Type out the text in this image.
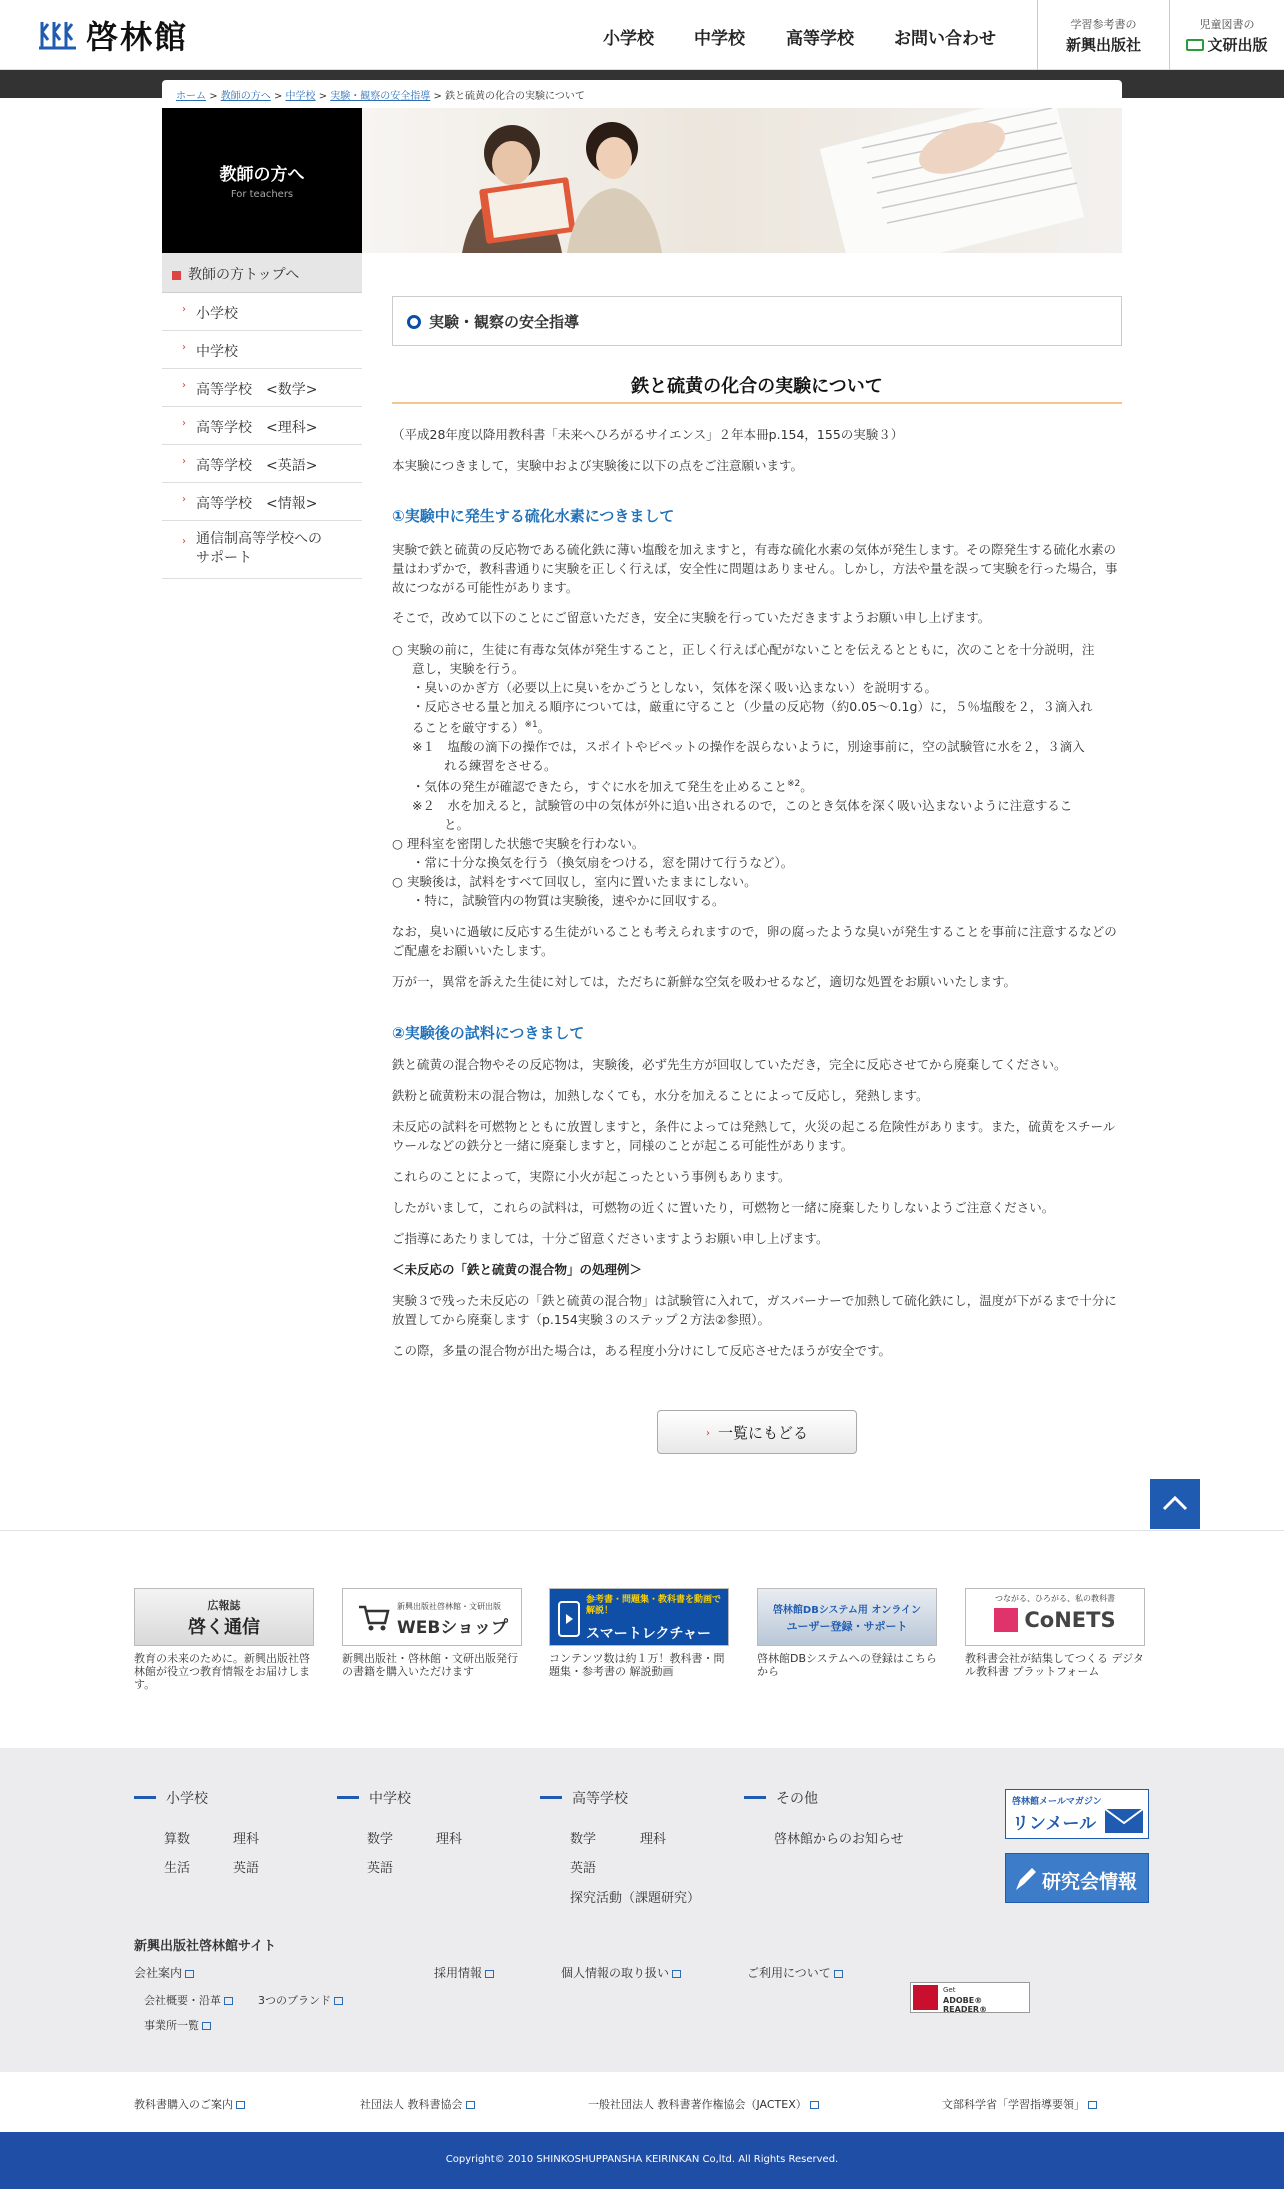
啓林館	小学校 中学校 高等学校 お問い合わせ
学習参考書の
新興出版社
児童図書の
文研出版
ホーム > 教師の方へ > 中学校 > 実験・観察の安全指導 > 鉄と硫黄の化合の実験について
教師の方へ
For teachers
教師の方トップへ
› 小学校
› 中学校
› 高等学校　<数学>
› 高等学校　<理科>
› 高等学校　<英語>
› 高等学校　<情報>
› 通信制高等学校への
サポート
実験・観察の安全指導
鉄と硫黄の化合の実験について
（平成28年度以降用教科書「未来へひろがるサイエンス」２年本冊p.154，155の実験３）
本実験につきまして，実験中および実験後に以下の点をご注意願います。
①実験中に発生する硫化水素につきまして
実験で鉄と硫黄の反応物である硫化鉄に薄い塩酸を加えますと，有毒な硫化水素の気体が発生します。その際発生する硫化水素の量はわずかで，教科書通りに実験を正しく行えば，安全性に問題はありません。しかし，方法や量を誤って実験を行った場合，事故につながる可能性があります。
そこで，改めて以下のことにご留意いただき，安全に実験を行っていただきますようお願い申し上げます。
○ 実験の前に，生徒に有毒な気体が発生すること，正しく行えば心配がないことを伝えるとともに，次のことを十分説明，注
意し，実験を行う。
・臭いのかぎ方（必要以上に臭いをかごうとしない，気体を深く吸い込まない）を説明する。
・反応させる量と加える順序については，厳重に守ること（少量の反応物（約0.05～0.1g）に，５％塩酸を２，３滴入れ
ることを厳守する）$^{※1}$。
※１　塩酸の滴下の操作では，スポイトやピペットの操作を誤らないように，別途事前に，空の試験管に水を２，３滴入
れる練習をさせる。
・気体の発生が確認できたら，すぐに水を加えて発生を止めること$^{※2}$。
※２　水を加えると，試験管の中の気体が外に追い出されるので，このとき気体を深く吸い込まないように注意するこ
と。
○ 理科室を密閉した状態で実験を行わない。
・常に十分な換気を行う（換気扇をつける，窓を開けて行うなど）。
○ 実験後は，試料をすべて回収し，室内に置いたままにしない。
・特に，試験管内の物質は実験後，速やかに回収する。
なお，臭いに過敏に反応する生徒がいることも考えられますので，卵の腐ったような臭いが発生することを事前に注意するなどのご配慮をお願いいたします。
万が一，異常を訴えた生徒に対しては，ただちに新鮮な空気を吸わせるなど，適切な処置をお願いいたします。
②実験後の試料につきまして
鉄と硫黄の混合物やその反応物は，実験後，必ず先生方が回収していただき，完全に反応させてから廃棄してください。
鉄粉と硫黄粉末の混合物は，加熱しなくても，水分を加えることによって反応し，発熱します。
未反応の試料を可燃物とともに放置しますと，条件によっては発熱して，火災の起こる危険性があります。また，硫黄をスチールウールなどの鉄分と一緒に廃棄しますと，同様のことが起こる可能性があります。
これらのことによって，実際に小火が起こったという事例もあります。
したがいまして，これらの試料は，可燃物の近くに置いたり，可燃物と一緒に廃棄したりしないようご注意ください。
ご指導にあたりましては，十分ご留意くださいますようお願い申し上げます。
＜未反応の「鉄と硫黄の混合物」の処理例＞
実験３で残った未反応の「鉄と硫黄の混合物」は試験管に入れて，ガスバーナーで加熱して硫化鉄にし，温度が下がるまで十分に放置してから廃棄します（p.154実験３のステップ２方法②参照）。
この際，多量の混合物が出た場合は，ある程度小分けにして反応させたほうが安全です。
› 一覧にもどる
広報誌
啓く通信
教育の未来のために。新興出版社啓林館が役立つ教育情報をお届けします。
新興出版社啓林館・文研出版
WEBショップ
新興出版社・啓林館・文研出版発行の書籍を購入いただけます
参考書・問題集・教科書を動画で解説！
スマートレクチャー
コンテンツ数は約１万！教科書・問題集・参考書の 解説動画
啓林館DBシステム用 オンライン
ユーザー登録・サポート
啓林館DBシステムへの登録はこちらから
つながる、ひろがる、私の教科書
CoNETS
教科書会社が結集してつくる デジタル教科書 プラットフォーム
小学校
算数	理科
生活	英語
中学校
数学	理科
英語
高等学校
数学	理科
英語
探究活動（課題研究）
その他
啓林館からのお知らせ
啓林館メールマガジン
リンメール
研究会情報
新興出版社啓林館サイト
会社案内	採用情報	個人情報の取り扱い	ご利用について
会社概要・沿革	3つのブランド
事業所一覧
Get
ADOBE® READER®
教科書購入のご案内	社団法人 教科書協会	一般社団法人 教科書著作権協会（JACTEX）	文部科学省「学習指導要領」
Copyright© 2010 SHINKOSHUPPANSHA KEIRINKAN Co,ltd. All Rights Reserved.
